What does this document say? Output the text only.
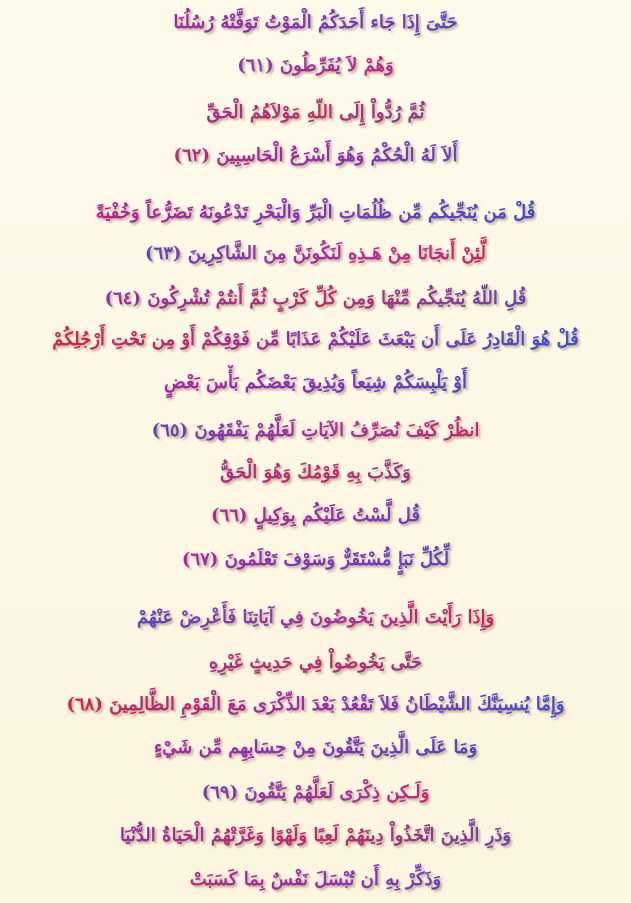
حَتَّىَ إِذَا جَاء أَحَدَكُمُ الْمَوْتُ تَوَفَّتْهُ رُسُلُنَا
وَهُمْ لاَ يُفَرِّطُونَ (٦١)
ثُمَّ رُدُّواْ إِلَى اللّهِ مَوْلاَهُمُ الْحَقِّ
أَلاَ لَهُ الْحُكْمُ وَهُوَ أَسْرَعُ الْحَاسِبِينَ (٦٢)
قُلْ مَن يُنَجِّيكُم مِّن ظُلُمَاتِ الْبَرِّ وَالْبَحْرِ تَدْعُونَهُ تَضَرُّعاً وَخُفْيَةً
لَّئِنْ أَنجَانَا مِنْ هَـذِهِ لَنَكُونَنَّ مِنَ الشَّاكِرِينَ (٦٣)
قُلِ اللّهُ يُنَجِّيكُم مِّنْهَا وَمِن كُلِّ كَرْبٍ ثُمَّ أَنتُمْ تُشْرِكُونَ (٦٤)
قُلْ هُوَ الْقَادِرُ عَلَى أَن يَبْعَثَ عَلَيْكُمْ عَذَابًا مِّن فَوْقِكُمْ أَوْ مِن تَحْتِ أَرْجُلِكُمْ
أَوْ يَلْبِسَكُمْ شِيَعاً وَيُذِيقَ بَعْضَكُم بَأْسَ بَعْضٍ
انظُرْ كَيْفَ نُصَرِّفُ الآيَاتِ لَعَلَّهُمْ يَفْقَهُونَ (٦٥)
وَكَذَّبَ بِهِ قَوْمُكَ وَهُوَ الْحَقُّ
قُل لَّسْتُ عَلَيْكُم بِوَكِيلٍ (٦٦)
لِّكُلِّ نَبَإٍ مُّسْتَقَرٌّ وَسَوْفَ تَعْلَمُونَ (٦٧)
وَإِذَا رَأَيْتَ الَّذِينَ يَخُوضُونَ فِي آيَاتِنَا فَأَعْرِضْ عَنْهُمْ
حَتَّى يَخُوضُواْ فِي حَدِيثٍ غَيْرِهِ
وَإِمَّا يُنسِيَنَّكَ الشَّيْطَانُ فَلاَ تَقْعُدْ بَعْدَ الذِّكْرَى مَعَ الْقَوْمِ الظَّالِمِينَ (٦٨)
وَمَا عَلَى الَّذِينَ يَتَّقُونَ مِنْ حِسَابِهِم مِّن شَيْءٍ
وَلَـكِن ذِكْرَى لَعَلَّهُمْ يَتَّقُونَ (٦٩)
وَذَرِ الَّذِينَ اتَّخَذُواْ دِينَهُمْ لَعِبًا وَلَهْوًا وَغَرَّتْهُمُ الْحَيَاةُ الدُّنْيَا
وَذَكِّرْ بِهِ أَن تُبْسَلَ نَفْسٌ بِمَا كَسَبَتْ
